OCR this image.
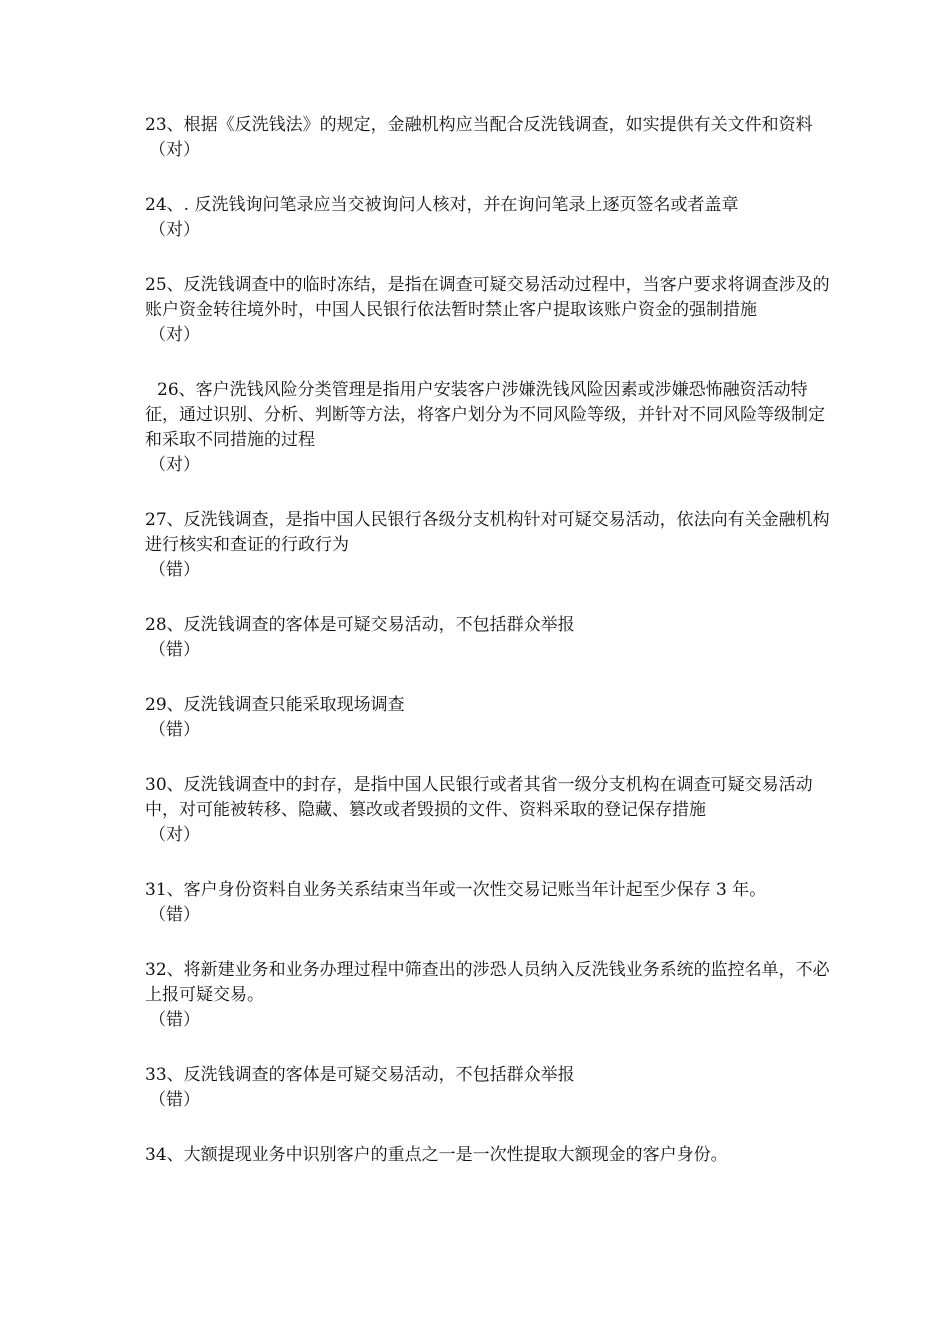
23、根据《反洗钱法》的规定，金融机构应当配合反洗钱调查，如实提供有关文件和资料

（对）

24、. 反洗钱询问笔录应当交被询问人核对，并在询问笔录上逐页签名或者盖章

（对）

25、反洗钱调查中的临时冻结，是指在调查可疑交易活动过程中，当客户要求将调查涉及的账户资金转往境外时，中国人民银行依法暂时禁止客户提取该账户资金的强制措施

（对）

26、客户洗钱风险分类管理是指用户安装客户涉嫌洗钱风险因素或涉嫌恐怖融资活动特征，通过识别、分析、判断等方法，将客户划分为不同风险等级，并针对不同风险等级制定和采取不同措施的过程

（对）

27、反洗钱调查，是指中国人民银行各级分支机构针对可疑交易活动，依法向有关金融机构进行核实和查证的行政行为

（错）

28、反洗钱调查的客体是可疑交易活动，不包括群众举报

（错）

29、反洗钱调查只能采取现场调查

（错）

30、反洗钱调查中的封存，是指中国人民银行或者其省一级分支机构在调查可疑交易活动中，对可能被转移、隐藏、篡改或者毁损的文件、资料采取的登记保存措施

（对）

31、客户身份资料自业务关系结束当年或一次性交易记账当年计起至少保存 3 年。

（错）

32、将新建业务和业务办理过程中筛查出的涉恐人员纳入反洗钱业务系统的监控名单，不必上报可疑交易。

（错）

33、反洗钱调查的客体是可疑交易活动，不包括群众举报

（错）

34、大额提现业务中识别客户的重点之一是一次性提取大额现金的客户身份。
